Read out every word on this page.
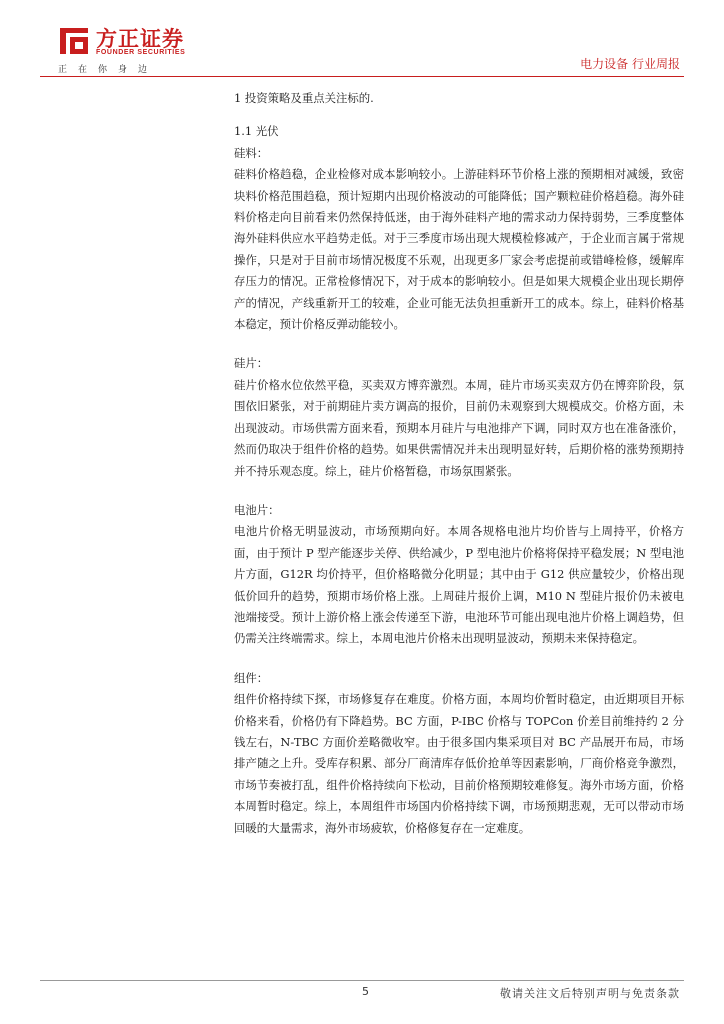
方正证券
FOUNDER SECURITIES
正在你身边	电力设备 行业周报

1 投资策略及重点关注标的.

1.1 光伏

硅料：

硅料价格趋稳，企业检修对成本影响较小。上游硅料环节价格上涨的预期相对减缓，致密块料价格范围趋稳，预计短期内出现价格波动的可能降低；国产颗粒硅价格趋稳。海外硅料价格走向目前看来仍然保持低迷，由于海外硅料产地的需求动力保持弱势，三季度整体海外硅料供应水平趋势走低。对于三季度市场出现大规模检修减产，于企业而言属于常规操作，只是对于目前市场情况极度不乐观，出现更多厂家会考虑提前或错峰检修，缓解库存压力的情况。正常检修情况下，对于成本的影响较小。但是如果大规模企业出现长期停产的情况，产线重新开工的较难，企业可能无法负担重新开工的成本。综上，硅料价格基本稳定，预计价格反弹动能较小。

硅片：

硅片价格水位依然平稳，买卖双方博弈激烈。本周，硅片市场买卖双方仍在博弈阶段，氛围依旧紧张，对于前期硅片卖方调高的报价，目前仍未观察到大规模成交。价格方面，未出现波动。市场供需方面来看，预期本月硅片与电池排产下调，同时双方也在准备涨价，然而仍取决于组件价格的趋势。如果供需情况并未出现明显好转，后期价格的涨势预期持并不持乐观态度。综上，硅片价格暂稳，市场氛围紧张。

电池片：

电池片价格无明显波动，市场预期向好。本周各规格电池片均价皆与上周持平，价格方面，由于预计 P 型产能逐步关停、供给减少，P 型电池片价格将保持平稳发展；N 型电池片方面，G12R 均价持平，但价格略微分化明显；其中由于 G12 供应量较少，价格出现低价回升的趋势，预期市场价格上涨。上周硅片报价上调，M10 N 型硅片报价仍未被电池端接受。预计上游价格上涨会传递至下游，电池环节可能出现电池片价格上调趋势，但仍需关注终端需求。综上，本周电池片价格未出现明显波动，预期未来保持稳定。

组件：

组件价格持续下探，市场修复存在难度。价格方面，本周均价暂时稳定，由近期项目开标价格来看，价格仍有下降趋势。BC 方面，P-IBC 价格与 TOPCon 价差目前维持约 2 分钱左右，N-TBC 方面价差略微收窄。由于很多国内集采项目对 BC 产品展开布局，市场排产随之上升。受库存积累、部分厂商清库存低价抢单等因素影响，厂商价格竞争激烈，市场节奏被打乱，组件价格持续向下松动，目前价格预期较难修复。海外市场方面，价格本周暂时稳定。综上，本周组件市场国内价格持续下调，市场预期悲观，无可以带动市场回暖的大量需求，海外市场疲软，价格修复存在一定难度。

5	敬请关注文后特别声明与免责条款
